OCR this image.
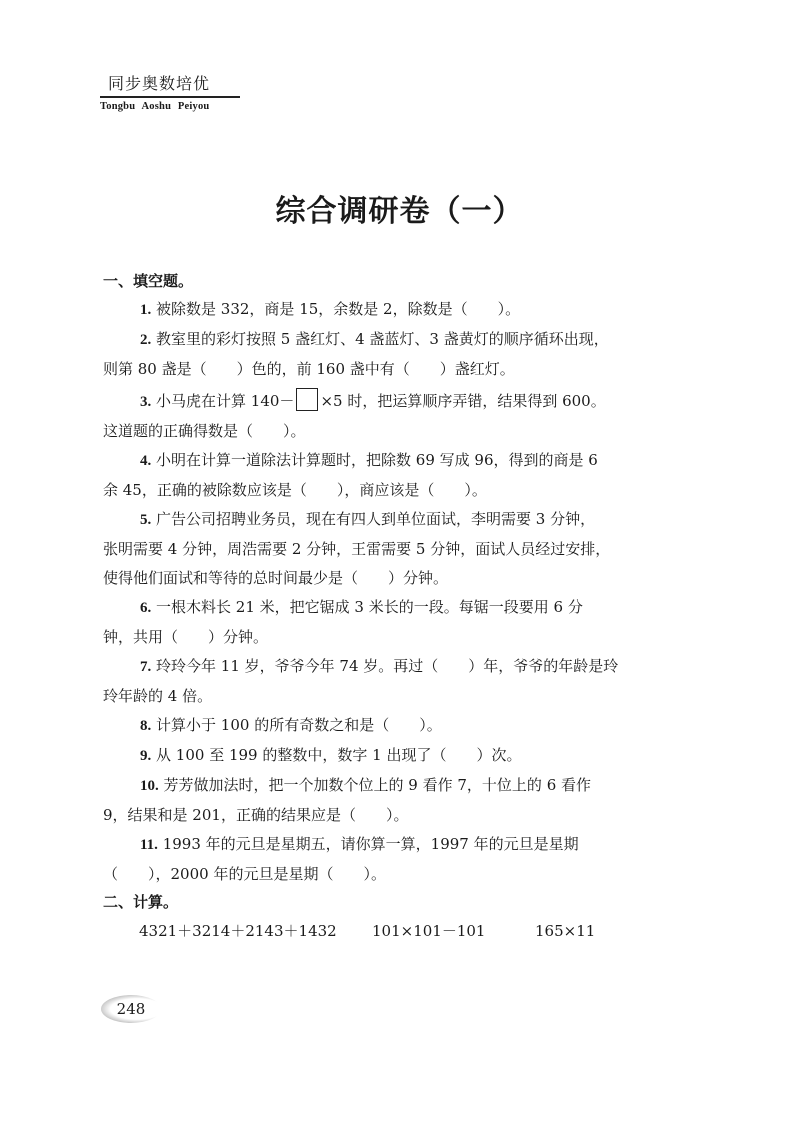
同步奥数培优
Tongbu Aoshu Peiyou
综合调研卷（一）
一、填空题。
1. 被除数是 332，商是 15，余数是 2，除数是（ ）。
2. 教室里的彩灯按照 5 盏红灯、4 盏蓝灯、3 盏黄灯的顺序循环出现，
则第 80 盏是（ ）色的，前 160 盏中有（ ）盏红灯。
3. 小马虎在计算 140－ ×5 时，把运算顺序弄错，结果得到 600。
这道题的正确得数是（ ）。
4. 小明在计算一道除法计算题时，把除数 69 写成 96，得到的商是 6
余 45，正确的被除数应该是（ ），商应该是（ ）。
5. 广告公司招聘业务员，现在有四人到单位面试，李明需要 3 分钟，
张明需要 4 分钟，周浩需要 2 分钟，王雷需要 5 分钟，面试人员经过安排，
使得他们面试和等待的总时间最少是（ ）分钟。
6. 一根木料长 21 米，把它锯成 3 米长的一段。每锯一段要用 6 分
钟，共用（ ）分钟。
7. 玲玲今年 11 岁，爷爷今年 74 岁。再过（ ）年，爷爷的年龄是玲
玲年龄的 4 倍。
8. 计算小于 100 的所有奇数之和是（ ）。
9. 从 100 至 199 的整数中，数字 1 出现了（ ）次。
10. 芳芳做加法时，把一个加数个位上的 9 看作 7，十位上的 6 看作
9，结果和是 201，正确的结果应是（ ）。
11. 1993 年的元旦是星期五，请你算一算，1997 年的元旦是星期
（ ），2000 年的元旦是星期（ ）。
二、计算。
4321＋3214＋2143＋1432 101×101－101	165×11
248
